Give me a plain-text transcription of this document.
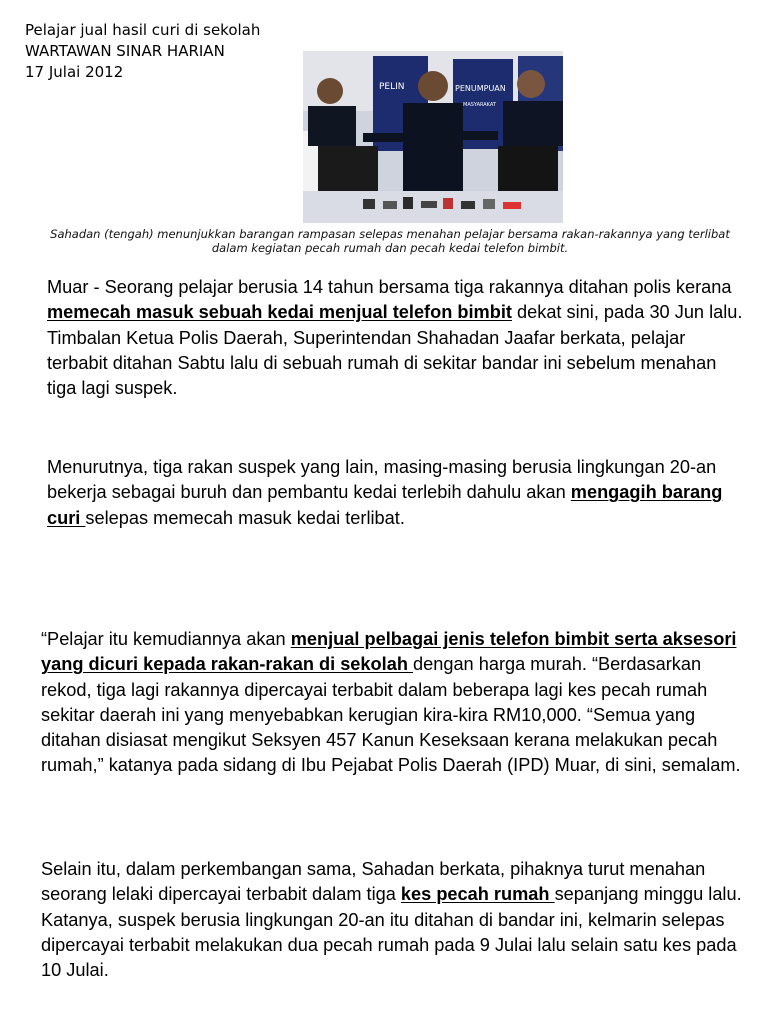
Pelajar jual hasil curi di sekolah
WARTAWAN SINAR HARIAN
17 Julai 2012
PELIN	PENUMPUAN
MASYARAKAT
Sahadan (tengah) menunjukkan barangan rampasan selepas menahan pelajar bersama rakan-rakannya yang terlibat dalam kegiatan pecah rumah dan pecah kedai telefon bimbit.

Muar - Seorang pelajar berusia 14 tahun bersama tiga rakannya ditahan polis kerana memecah masuk sebuah kedai menjual telefon bimbit dekat sini, pada 30 Jun lalu. Timbalan Ketua Polis Daerah, Superintendan Shahadan Jaafar berkata, pelajar terbabit ditahan Sabtu lalu di sebuah rumah di sekitar bandar ini sebelum menahan tiga lagi suspek.

Menurutnya, tiga rakan suspek yang lain, masing-masing berusia lingkungan 20-an bekerja sebagai buruh dan pembantu kedai terlebih dahulu akan mengagih barang curi selepas memecah masuk kedai terlibat.

“Pelajar itu kemudiannya akan menjual pelbagai jenis telefon bimbit serta aksesori yang dicuri kepada rakan-rakan di sekolah dengan harga murah. “Berdasarkan rekod, tiga lagi rakannya dipercayai terbabit dalam beberapa lagi kes pecah rumah sekitar daerah ini yang menyebabkan kerugian kira-kira RM10,000. “Semua yang ditahan disiasat mengikut Seksyen 457 Kanun Keseksaan kerana melakukan pecah rumah,” katanya pada sidang di Ibu Pejabat Polis Daerah (IPD) Muar, di sini, semalam.

Selain itu, dalam perkembangan sama, Sahadan berkata, pihaknya turut menahan seorang lelaki dipercayai terbabit dalam tiga kes pecah rumah sepanjang minggu lalu. Katanya, suspek berusia lingkungan 20-an itu ditahan di bandar ini, kelmarin selepas dipercayai terbabit melakukan dua pecah rumah pada 9 Julai lalu selain satu kes pada 10 Julai.
